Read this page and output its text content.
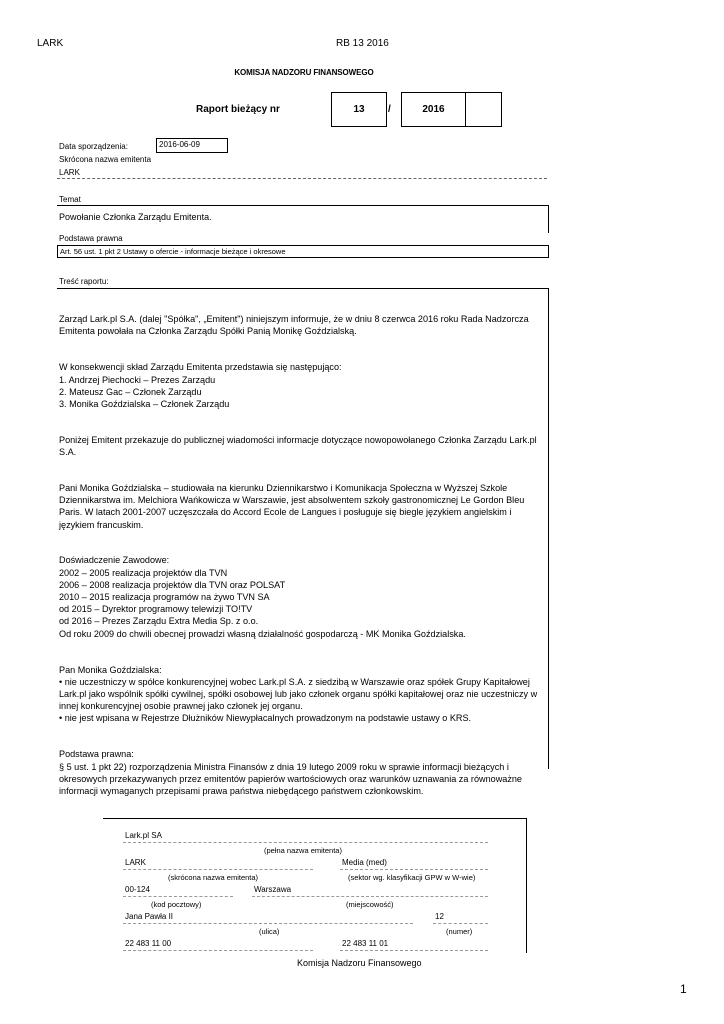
LARK	RB 13 2016
KOMISJA NADZORU FINANSOWEGO
Raport bieżący nr	13	/	2016
Data sporządzenia:	2016-06-09
Skrócona nazwa emitenta
LARK
Temat
Powołanie Członka Zarządu Emitenta.
Podstawa prawna
Art. 56 ust. 1 pkt 2 Ustawy o ofercie - informacje bieżące i okresowe
Treść raportu:

Zarząd Lark.pl S.A. (dalej "Spółka", „Emitent") niniejszym informuje, że w dniu 8 czerwca 2016 roku Rada Nadzorcza Emitenta powołała na Członka Zarządu Spółki Panią Monikę Goździalską.

W konsekwencji skład Zarządu Emitenta przedstawia się następująco:
1. Andrzej Piechocki – Prezes Zarządu
2. Mateusz Gac – Członek Zarządu
3. Monika Goździalska – Członek Zarządu

Poniżej Emitent przekazuje do publicznej wiadomości informacje dotyczące nowopowołanego Członka Zarządu Lark.pl S.A.

Pani Monika Goździalska – studiowała na kierunku Dziennikarstwo i Komunikacja Społeczna w Wyższej Szkole Dziennikarstwa im. Melchiora Wańkowicza w Warszawie, jest absolwentem szkoły gastronomicznej Le Gordon Bleu Paris. W latach 2001-2007 uczęszczała do Accord Ecole de Langues i posługuje się biegle językiem angielskim i językiem francuskim.

Doświadczenie Zawodowe:
2002 – 2005 realizacja projektów dla TVN
2006 – 2008 realizacja projektów dla TVN oraz POLSAT
2010 – 2015 realizacja programów na żywo TVN SA
od 2015 – Dyrektor programowy telewizji TO!TV
od 2016 – Prezes Zarządu Extra Media Sp. z o.o.
Od roku 2009 do chwili obecnej prowadzi własną działalność gospodarczą - MK Monika Goździalska.

Pan Monika Goździalska:
• nie uczestniczy w spółce konkurencyjnej wobec Lark.pl S.A. z siedzibą w Warszawie oraz spółek Grupy Kapitałowej Lark.pl jako wspólnik spółki cywilnej, spółki osobowej lub jako członek organu spółki kapitałowej oraz nie uczestniczy w innej konkurencyjnej osobie prawnej jako członek jej organu.
• nie jest wpisana w Rejestrze Dłużników Niewypłacalnych prowadzonym na podstawie ustawy o KRS.

Podstawa prawna:
§ 5 ust. 1 pkt 22) rozporządzenia Ministra Finansów z dnia 19 lutego 2009 roku w sprawie informacji bieżących i okresowych przekazywanych przez emitentów papierów wartościowych oraz warunków uznawania za równoważne informacji wymaganych przepisami prawa państwa niebędącego państwem członkowskim.

Lark.pl SA
(pełna nazwa emitenta)
LARK	Media (med)
(skrócona nazwa emitenta)	(sektor wg. klasyfikacji GPW w W-wie)
00-124	Warszawa
(kod pocztowy)	(miejscowość)
Jana Pawła II	12
(ulica)	(numer)
22 483 11 00	22 483 11 01
Komisja Nadzoru Finansowego
1
